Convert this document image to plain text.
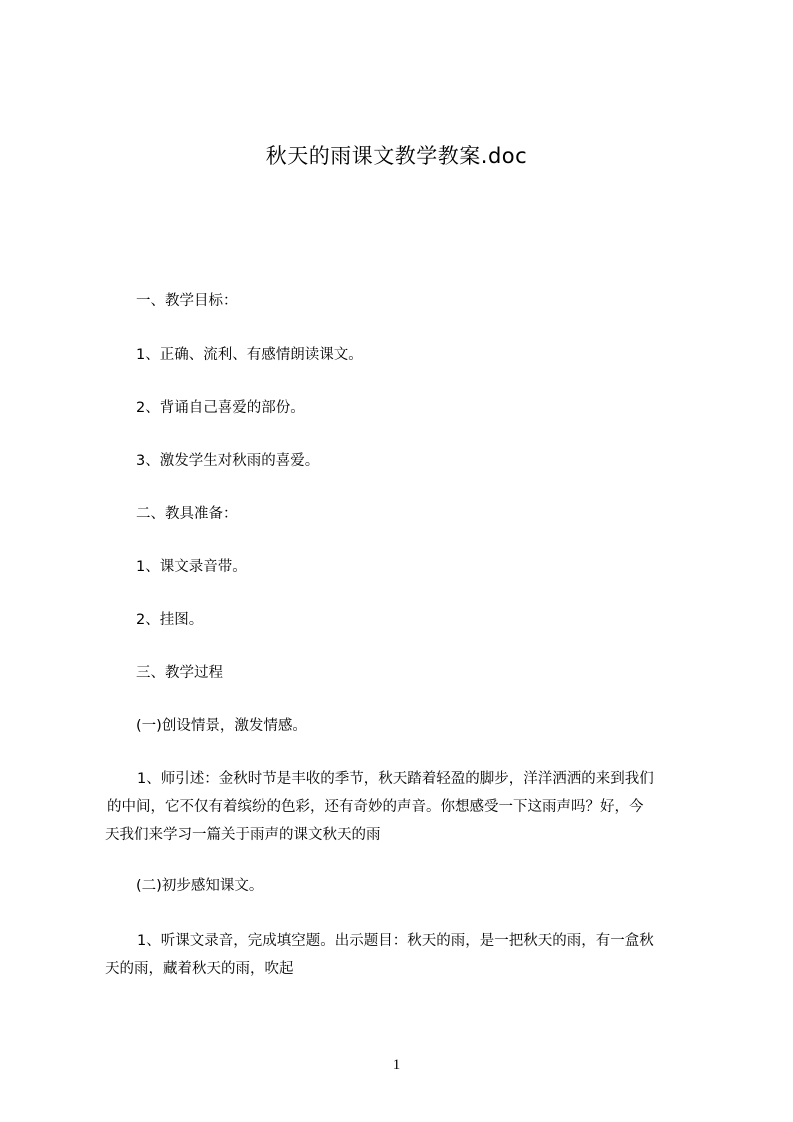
秋天的雨课文教学教案.doc
一、教学目标：
1、正确、流利、有感情朗读课文。
2、背诵自己喜爱的部份。
3、激发学生对秋雨的喜爱。
二、教具准备：
1、课文录音带。
2、挂图。
三、教学过程
(一)创设情景，激发情感。
1、师引述：金秋时节是丰收的季节，秋天踏着轻盈的脚步，洋洋洒洒的来到我们
的中间，它不仅有着缤纷的色彩，还有奇妙的声音。你想感受一下这雨声吗？好，今
天我们来学习一篇关于雨声的课文秋天的雨
(二)初步感知课文。
1、听课文录音，完成填空题。出示题目：秋天的雨，是一把秋天的雨，有一盒秋
天的雨，藏着秋天的雨，吹起
1
